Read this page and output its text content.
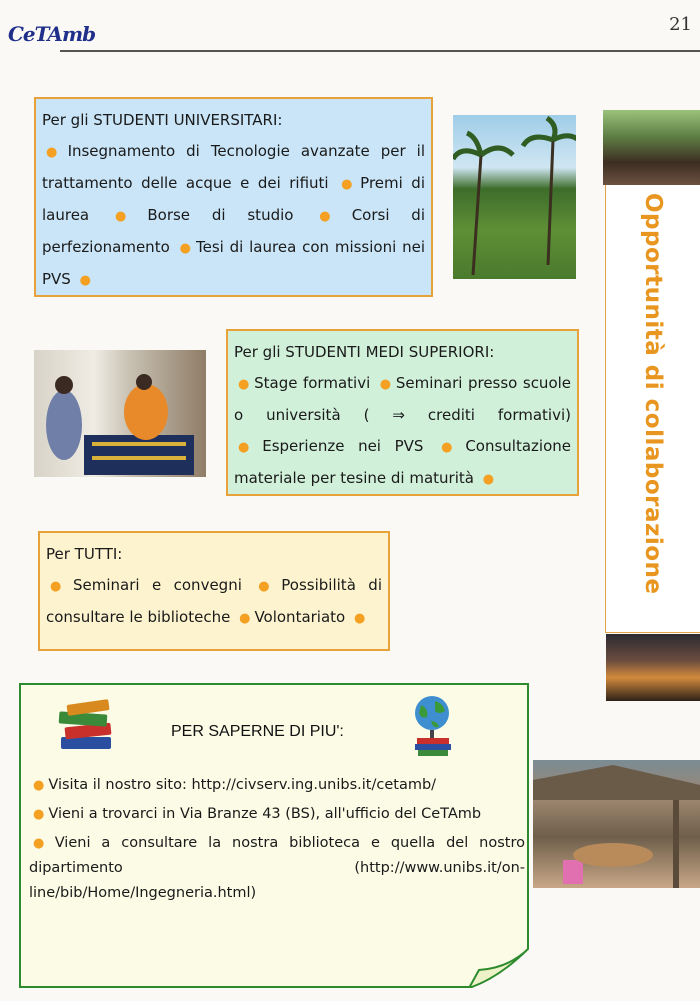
CeTAmb	21
Per gli STUDENTI UNIVERSITARI:
● Insegnamento di Tecnologie avanzate per il trattamento delle acque e dei rifiuti ● Premi di laurea ● Borse di studio ● Corsi di perfezionamento ● Tesi di laurea con missioni nei PVS ●	Opportunità di collaborazione
Per gli STUDENTI MEDI SUPERIORI:
● Stage formativi ● Seminari presso scuole o università ( ⇒ crediti formativi) ● Esperienze nei PVS ● Consultazione materiale per tesine di maturità ●
Per TUTTI:
● Seminari e convegni ● Possibilità di consultare le biblioteche ● Volontariato ●
PER SAPERNE DI PIU':
● Visita il nostro sito: http://civserv.ing.unibs.it/cetamb/
● Vieni a trovarci in Via Branze 43 (BS), all'ufficio del CeTAmb
● Vieni a consultare la nostra biblioteca e quella del nostro dipartimento (http://www.unibs.it/on-line/bib/Home/Ingegneria.html)
